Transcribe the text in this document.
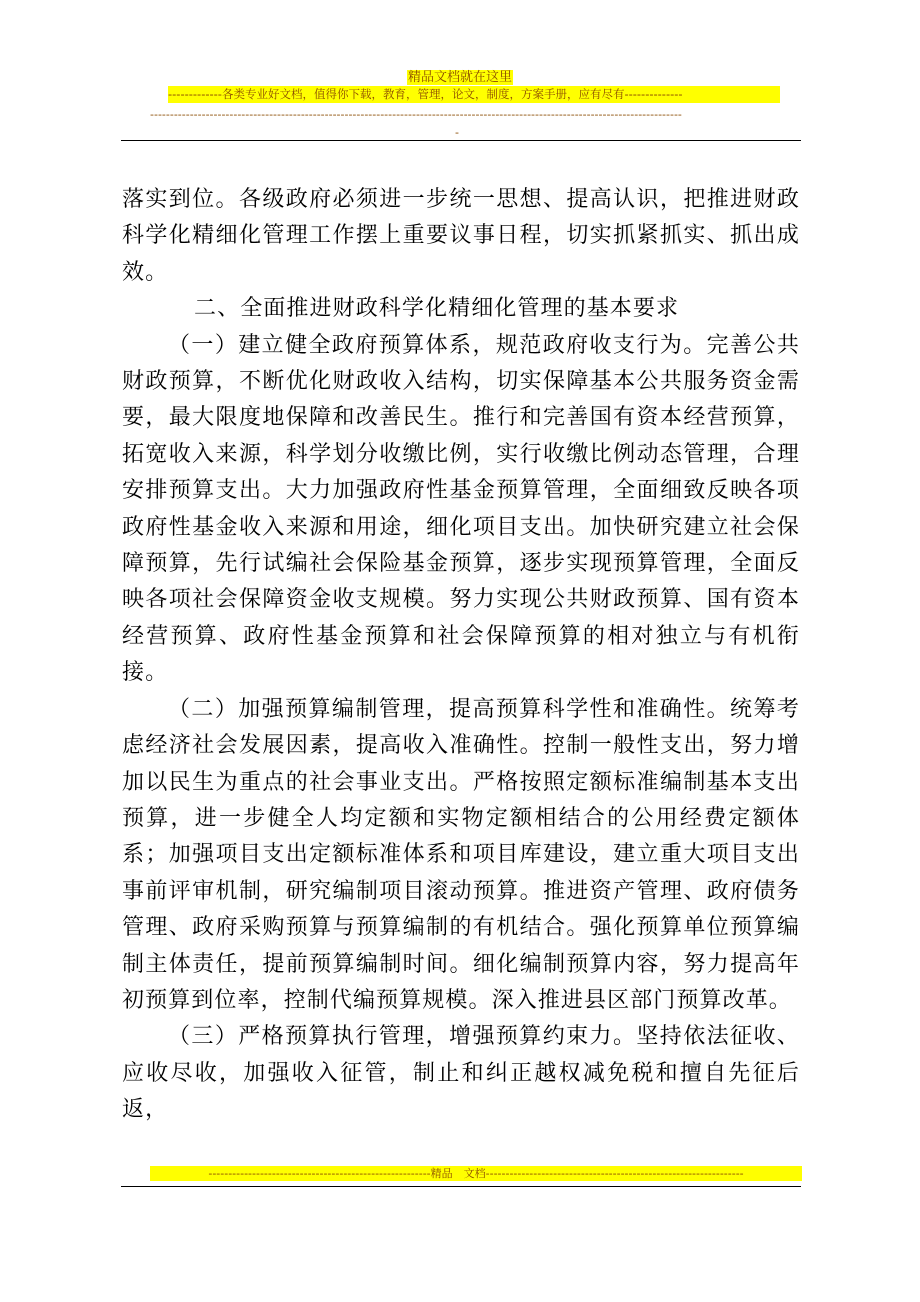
精品文档就在这里
-------------各类专业好文档，值得你下载，教育，管理，论文，制度，方案手册，应有尽有--------------
--------------------------------------------------------------------------------------------------------------------------------------
-

落实到位。各级政府必须进一步统一思想、提高认识，把推进财政科学化精细化管理工作摆上重要议事日程，切实抓紧抓实、抓出成效。

二、全面推进财政科学化精细化管理的基本要求

（一）建立健全政府预算体系，规范政府收支行为。完善公共财政预算，不断优化财政收入结构，切实保障基本公共服务资金需要，最大限度地保障和改善民生。推行和完善国有资本经营预算，拓宽收入来源，科学划分收缴比例，实行收缴比例动态管理，合理安排预算支出。大力加强政府性基金预算管理，全面细致反映各项政府性基金收入来源和用途，细化项目支出。加快研究建立社会保障预算，先行试编社会保险基金预算，逐步实现预算管理，全面反映各项社会保障资金收支规模。努力实现公共财政预算、国有资本经营预算、政府性基金预算和社会保障预算的相对独立与有机衔接。

（二）加强预算编制管理，提高预算科学性和准确性。统筹考虑经济社会发展因素，提高收入准确性。控制一般性支出，努力增加以民生为重点的社会事业支出。严格按照定额标准编制基本支出预算，进一步健全人均定额和实物定额相结合的公用经费定额体系；加强项目支出定额标准体系和项目库建设，建立重大项目支出事前评审机制，研究编制项目滚动预算。推进资产管理、政府债务管理、政府采购预算与预算编制的有机结合。强化预算单位预算编制主体责任，提前预算编制时间。细化编制预算内容，努力提高年初预算到位率，控制代编预算规模。深入推进县区部门预算改革。

（三）严格预算执行管理，增强预算约束力。坚持依法征收、应收尽收，加强收入征管，制止和纠正越权减免税和擅自先征后返，

--------------------------------------------------------精品　文档-----------------------------------------------------------------
